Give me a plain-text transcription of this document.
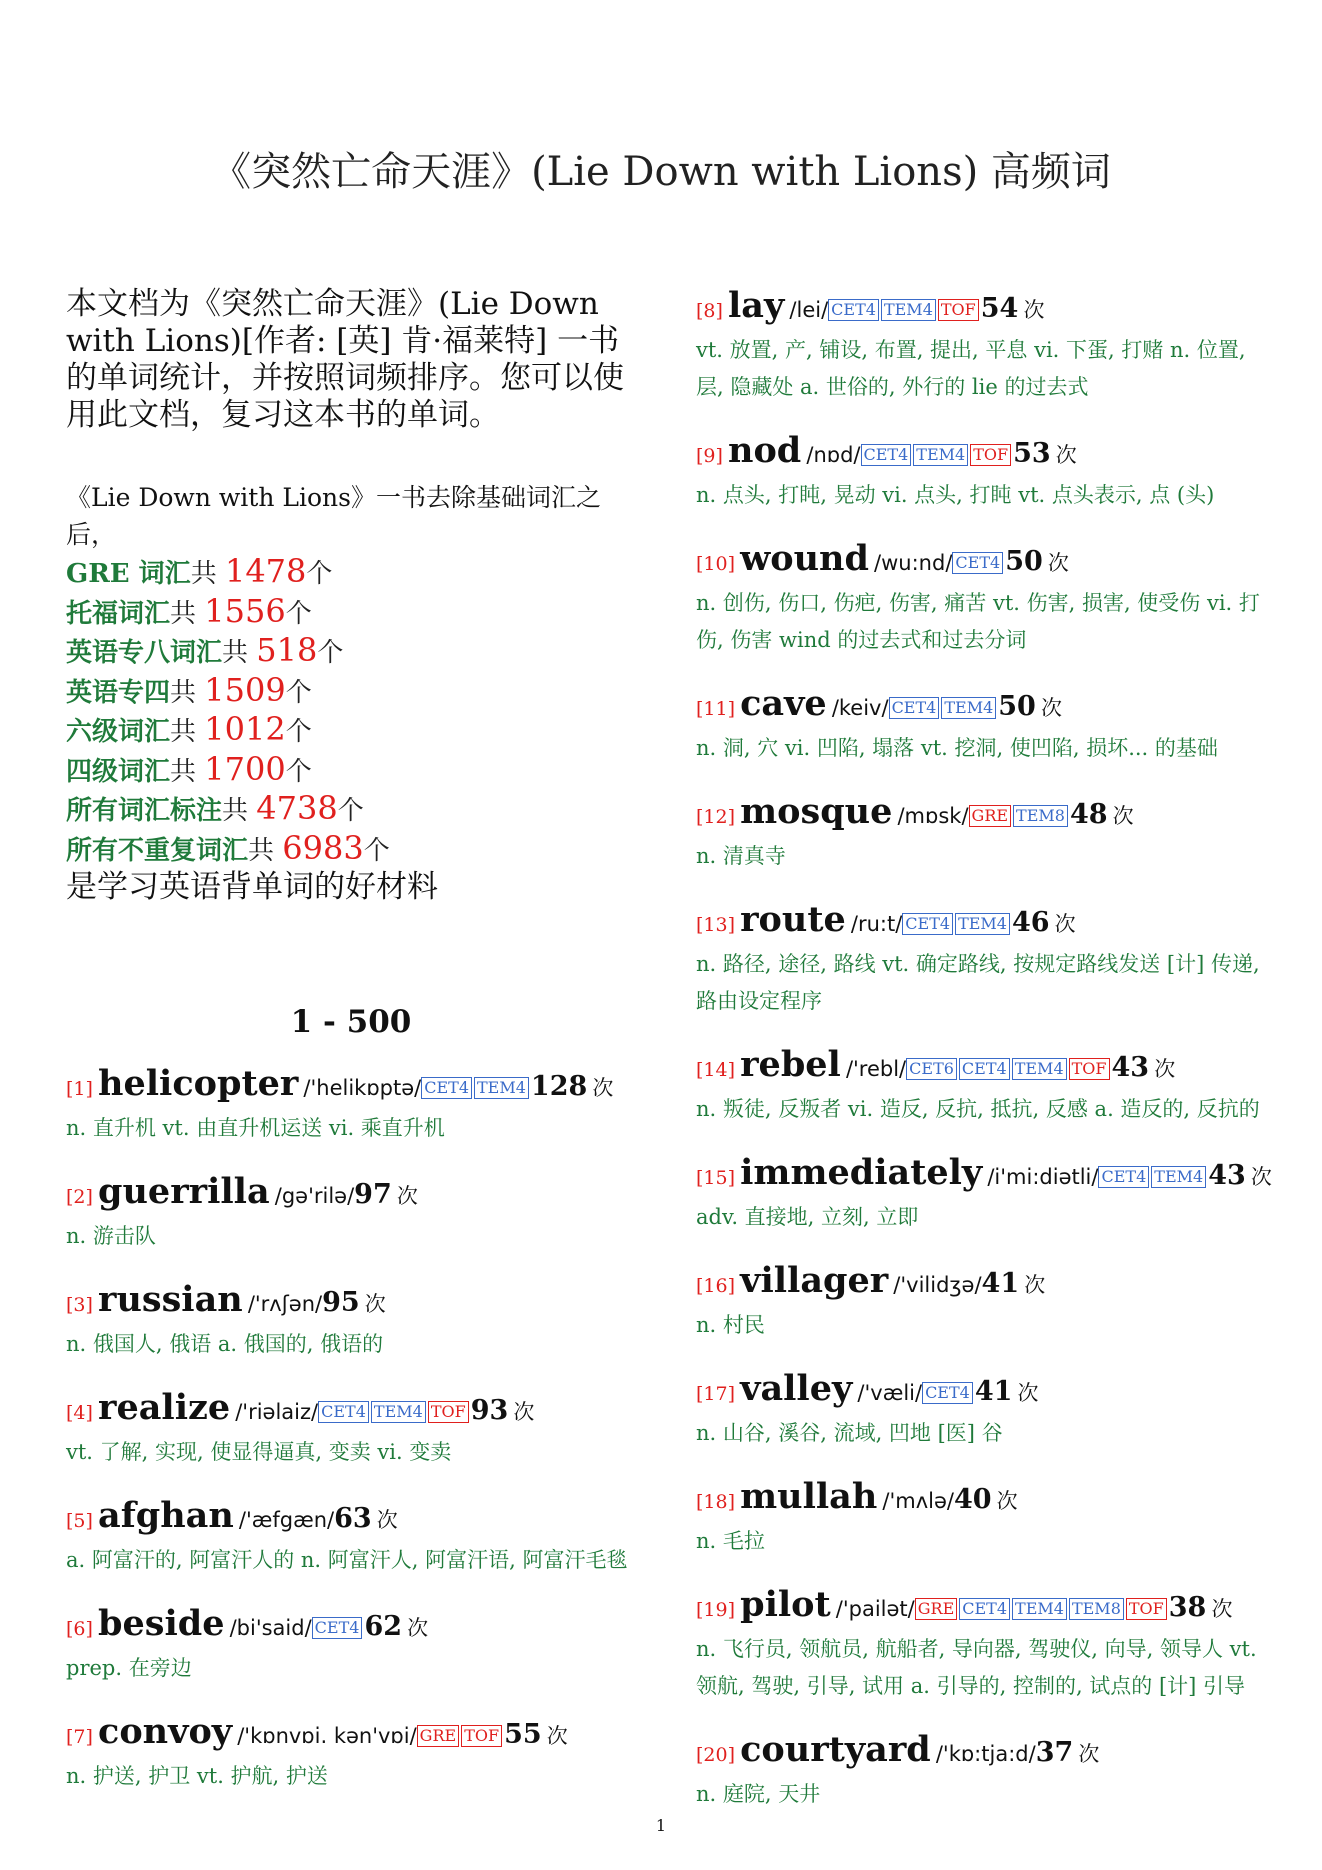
《突然亡命天涯》(Lie Down with Lions) 高频词

本文档为《突然亡命天涯》(Lie Down with Lions)[作者: [英] 肯·福莱特] 一书的单词统计，并按照词频排序。您可以使用此文档，复习这本书的单词。

《Lie Down with Lions》一书去除基础词汇之后，
GRE 词汇共 1478个
托福词汇共 1556个
英语专八词汇共 518个
英语专四共 1509个
六级词汇共 1012个
四级词汇共 1700个
所有词汇标注共 4738个
所有不重复词汇共 6983个
是学习英语背单词的好材料
1 - 500
[1] helicopter /'helikɒptə/ CET4 TEM4 128 次
n. 直升机 vt. 由直升机运送 vi. 乘直升机
[2] guerrilla /gə'rilə/97 次
n. 游击队
[3] russian /'rʌʃən/95 次
n. 俄国人, 俄语 a. 俄国的, 俄语的
[4] realize /'riəlaiz/ CET4 TEM4 TOF 93 次
vt. 了解, 实现, 使显得逼真, 变卖 vi. 变卖
[5] afghan /'æfgæn/63 次
a. 阿富汗的, 阿富汗人的 n. 阿富汗人, 阿富汗语, 阿富汗毛毯
[6] beside /bi'said/ CET4 62 次
prep. 在旁边
[7] convoy /'kɒnvɒi. kən'vɒi/ GRE TOF 55 次
n. 护送, 护卫 vt. 护航, 护送
[8] lay /lei/ CET4 TEM4 TOF 54 次
vt. 放置, 产, 铺设, 布置, 提出, 平息 vi. 下蛋, 打赌 n. 位置, 层, 隐藏处 a. 世俗的, 外行的 lie 的过去式
[9] nod /nɒd/ CET4 TEM4 TOF 53 次
n. 点头, 打盹, 晃动 vi. 点头, 打盹 vt. 点头表示, 点 (头)
[10] wound /wu:nd/ CET4 50 次
n. 创伤, 伤口, 伤疤, 伤害, 痛苦 vt. 伤害, 损害, 使受伤 vi. 打伤, 伤害 wind 的过去式和过去分词
[11] cave /keiv/ CET4 TEM4 50 次
n. 洞, 穴 vi. 凹陷, 塌落 vt. 挖洞, 使凹陷, 损坏... 的基础
[12] mosque /mɒsk/ GRE TEM8 48 次
n. 清真寺
[13] route /ru:t/ CET4 TEM4 46 次
n. 路径, 途径, 路线 vt. 确定路线, 按规定路线发送 [计] 传递, 路由设定程序
[14] rebel /'rebl/ CET6 CET4 TEM4 TOF 43 次
n. 叛徒, 反叛者 vi. 造反, 反抗, 抵抗, 反感 a. 造反的, 反抗的
[15] immediately /i'mi:diətli/ CET4 TEM4 43 次
adv. 直接地, 立刻, 立即
[16] villager /'vilidʒə/41 次
n. 村民
[17] valley /'væli/ CET4 41 次
n. 山谷, 溪谷, 流域, 凹地 [医] 谷
[18] mullah /'mʌlə/40 次
n. 毛拉
[19] pilot /'pailət/ GRE CET4 TEM4 TEM8 TOF 38 次
n. 飞行员, 领航员, 航船者, 导向器, 驾驶仪, 向导, 领导人 vt. 领航, 驾驶, 引导, 试用 a. 引导的, 控制的, 试点的 [计] 引导
[20] courtyard /'kɒ:tja:d/37 次
n. 庭院, 天井
1
